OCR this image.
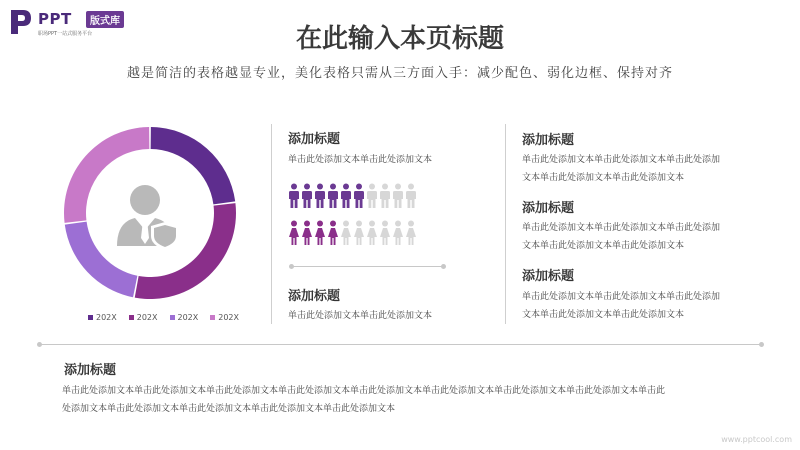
PPT	版式库
职场PPT一站式服务平台	在此输入本页标题
越是简洁的表格越显专业，美化表格只需从三方面入手：减少配色、弱化边框、保持对齐
202X	202X	202X	202X
添加标题
单击此处添加文本单击此处添加文本
添加标题
单击此处添加文本单击此处添加文本
添加标题
单击此处添加文本单击此处添加文本单击此处添加
文本单击此处添加文本单击此处添加文本
添加标题
单击此处添加文本单击此处添加文本单击此处添加
文本单击此处添加文本单击此处添加文本
添加标题
单击此处添加文本单击此处添加文本单击此处添加
文本单击此处添加文本单击此处添加文本
添加标题
单击此处添加文本单击此处添加文本单击此处添加文本单击此处添加文本单击此处添加文本单击此处添加文本单击此处添加文本单击此处添加文本单击此
处添加文本单击此处添加文本单击此处添加文本单击此处添加文本单击此处添加文本
www.pptcool.com
